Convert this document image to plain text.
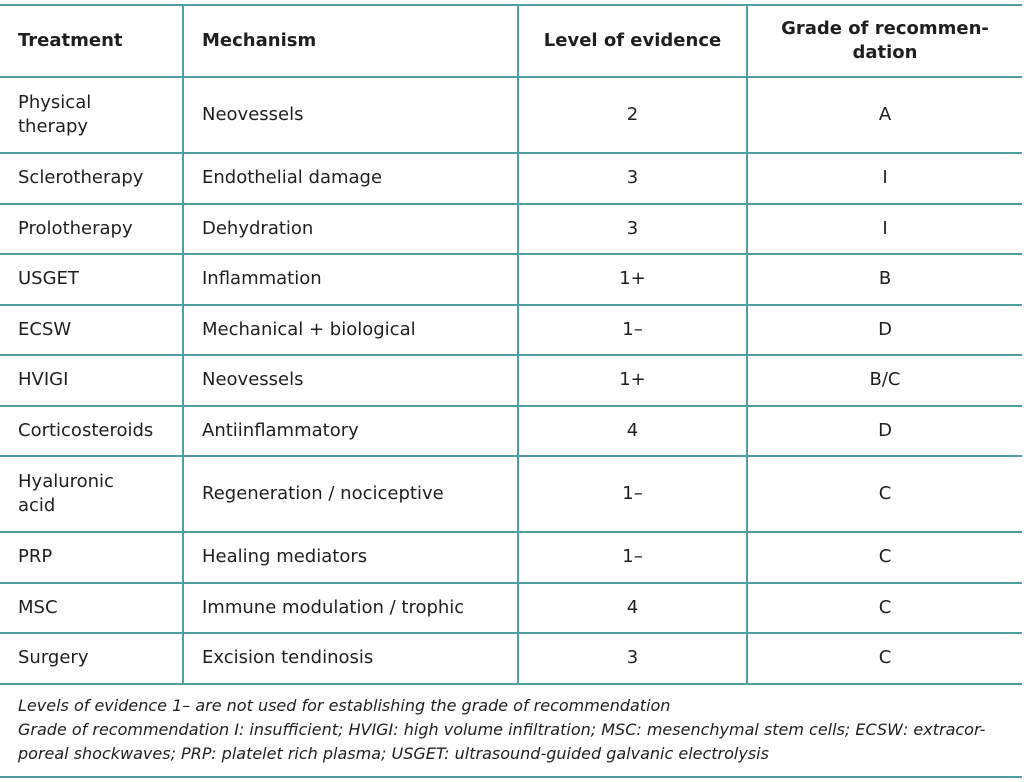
Treatment	Mechanism	Level of evidence	Grade of recommen-
dation
Physical
therapy	Neovessels	2	A
Sclerotherapy	Endothelial damage	3	I
Prolotherapy	Dehydration	3	I
USGET	Inflammation	1+	B
ECSW	Mechanical + biological	1–	D
HVIGI	Neovessels	1+	B/C
Corticosteroids	Antiinflammatory	4	D
Hyaluronic
acid	Regeneration / nociceptive	1–	C
PRP	Healing mediators	1–	C
MSC	Immune modulation / trophic	4	C
Surgery	Excision tendinosis	3	C

Levels of evidence 1– are not used for establishing the grade of recommendation

Grade of recommendation I: insufficient; HVIGI: high volume infiltration; MSC: mesenchymal stem cells; ECSW: extracor-
poreal shockwaves; PRP: platelet rich plasma; USGET: ultrasound-guided galvanic electrolysis
